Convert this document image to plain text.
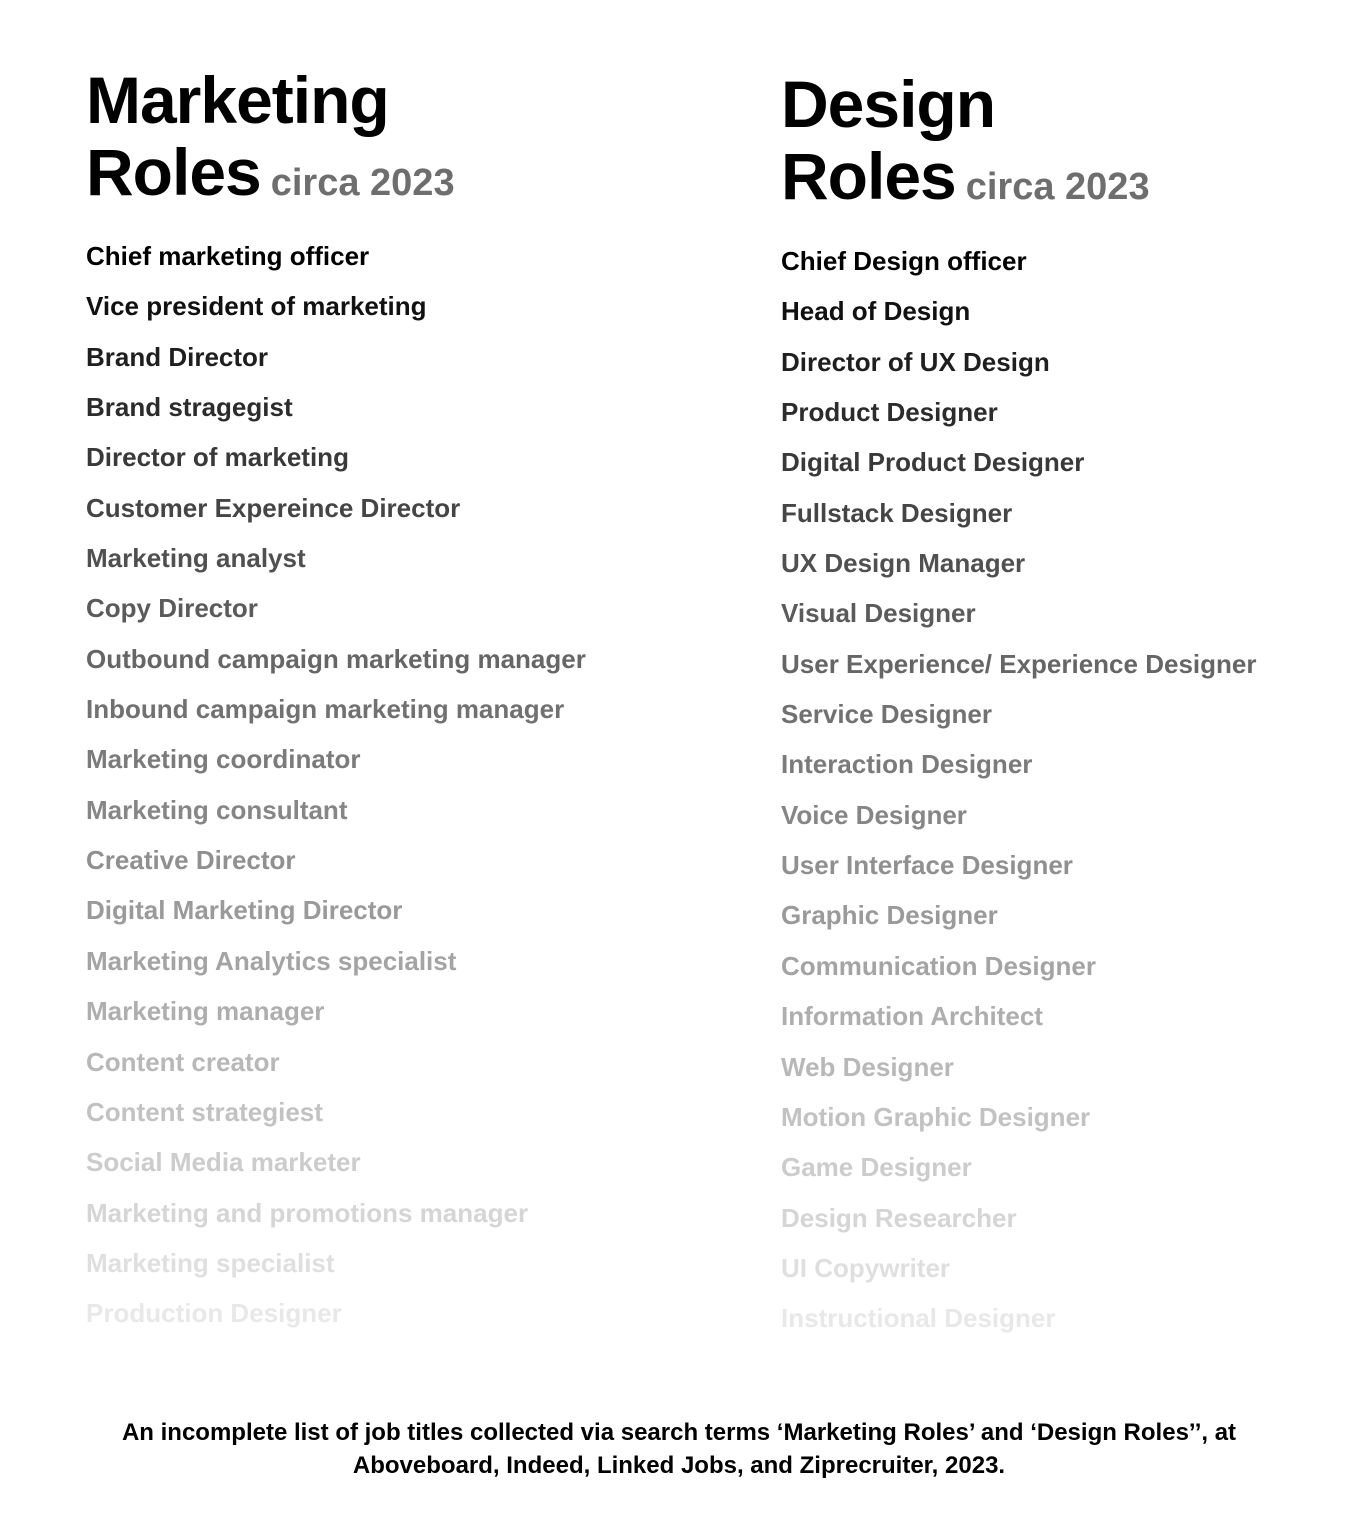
Marketing
Roles circa 2023
Chief marketing officer
Vice president of marketing
Brand Director
Brand stragegist
Director of marketing
Customer Expereince Director
Marketing analyst
Copy Director
Outbound campaign marketing manager
Inbound campaign marketing manager
Marketing coordinator
Marketing consultant
Creative Director
Digital Marketing Director
Marketing Analytics specialist
Marketing manager
Content creator
Content strategiest
Social Media marketer
Marketing and promotions manager
Marketing specialist
Production Designer
Design
Roles circa 2023
Chief Design officer
Head of Design
Director of UX Design
Product Designer
Digital Product Designer
Fullstack Designer
UX Design Manager
Visual Designer
User Experience/ Experience Designer
Service Designer
Interaction Designer
Voice Designer
User Interface Designer
Graphic Designer
Communication Designer
Information Architect
Web Designer
Motion Graphic Designer
Game Designer
Design Researcher
UI Copywriter
Instructional Designer

An incomplete list of job titles collected via search terms ‘Marketing Roles’ and ‘Design Roles’’, at
Aboveboard, Indeed, Linked Jobs, and Ziprecruiter, 2023.
